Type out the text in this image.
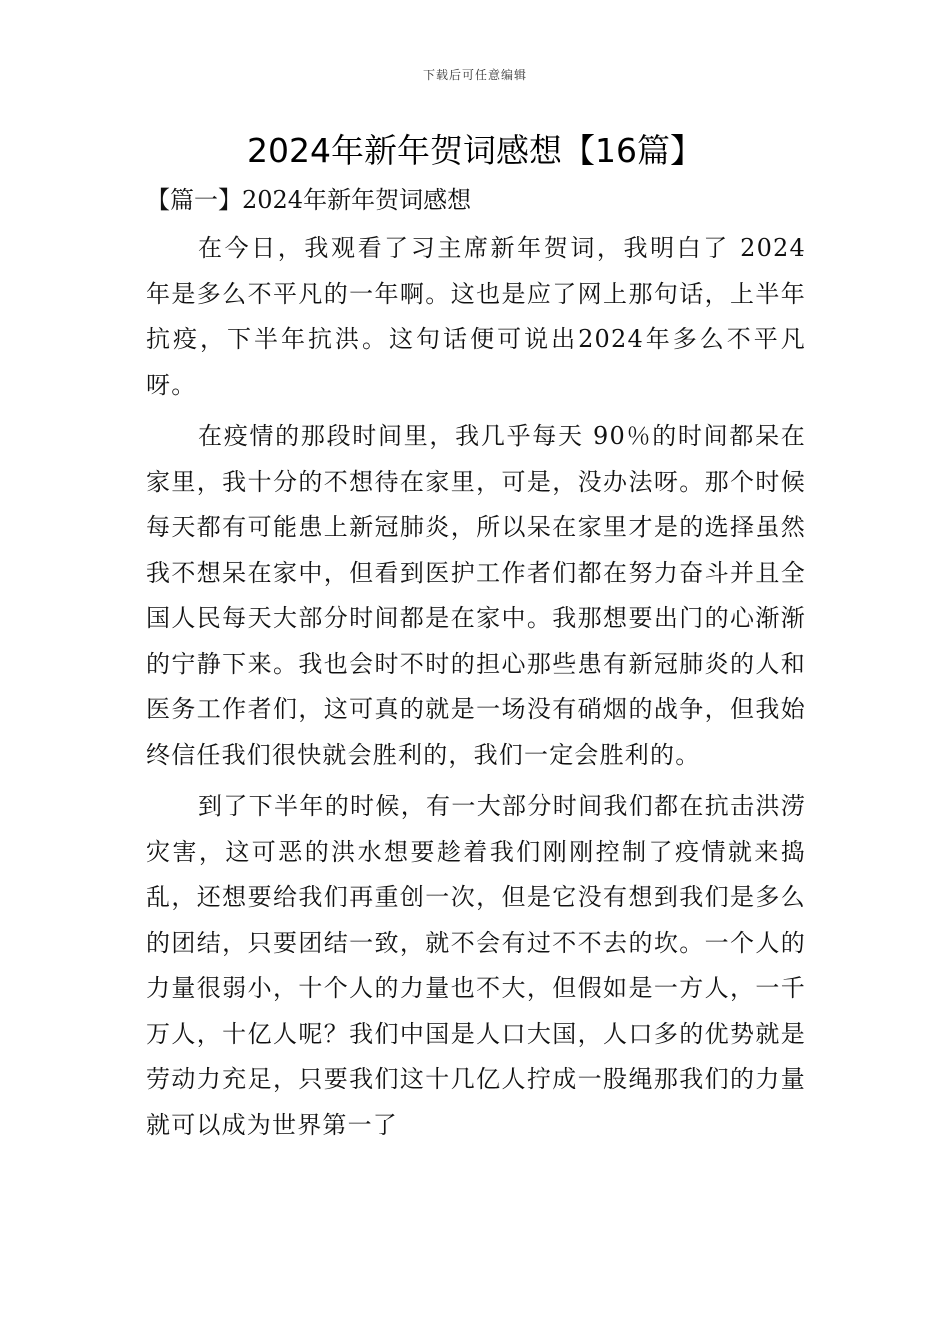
下载后可任意编辑
2024年新年贺词感想【16篇】
【篇一】2024年新年贺词感想

在今日，我观看了习主席新年贺词，我明白了 2024 年是多么不平凡的一年啊。这也是应了网上那句话，上半年抗疫，下半年抗洪。这句话便可说出2024年多么不平凡呀。

在疫情的那段时间里，我几乎每天 90％的时间都呆在家里，我十分的不想待在家里，可是，没办法呀。那个时候每天都有可能患上新冠肺炎，所以呆在家里才是的选择虽然我不想呆在家中，但看到医护工作者们都在努力奋斗并且全国人民每天大部分时间都是在家中。我那想要出门的心渐渐的宁静下来。我也会时不时的担心那些患有新冠肺炎的人和医务工作者们，这可真的就是一场没有硝烟的战争，但我始终信任我们很快就会胜利的，我们一定会胜利的。

到了下半年的时候，有一大部分时间我们都在抗击洪涝灾害，这可恶的洪水想要趁着我们刚刚控制了疫情就来捣乱，还想要给我们再重创一次，但是它没有想到我们是多么的团结，只要团结一致，就不会有过不不去的坎。一个人的力量很弱小，十个人的力量也不大，但假如是一方人，一千万人，十亿人呢？我们中国是人口大国，人口多的优势就是劳动力充足，只要我们这十几亿人拧成一股绳那我们的力量就可以成为世界第一了
